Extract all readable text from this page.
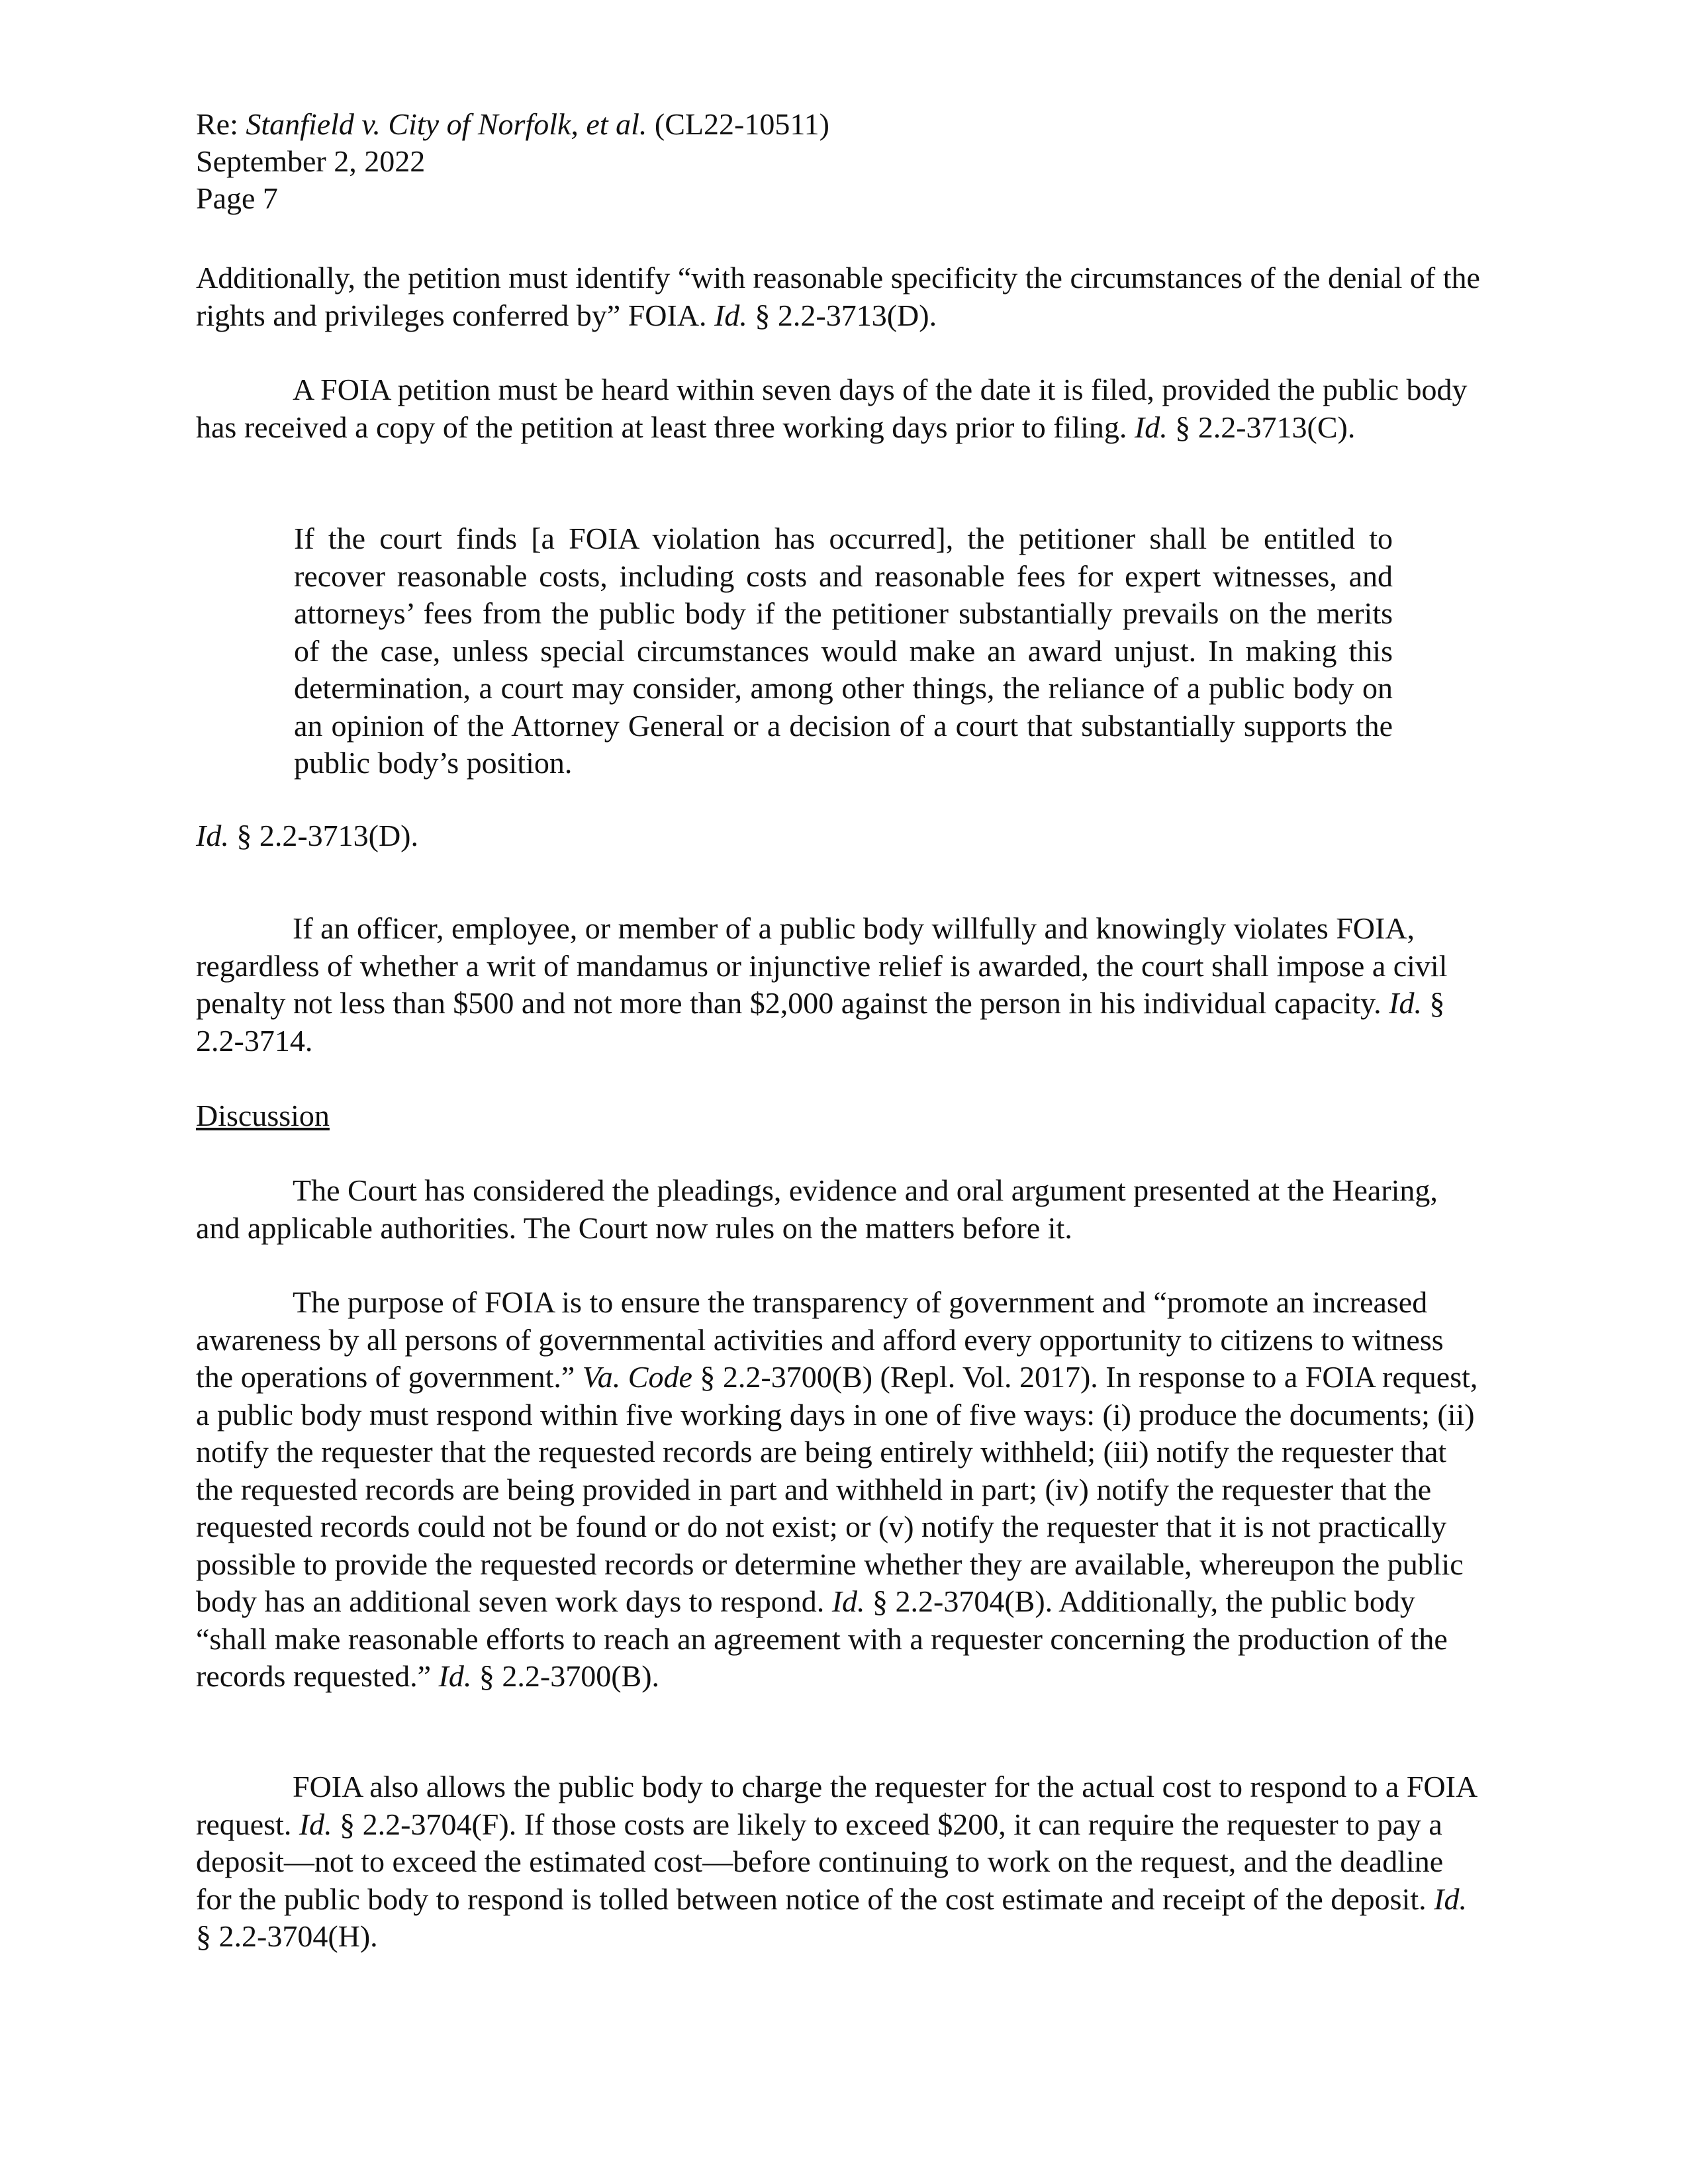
Re: Stanfield v. City of Norfolk, et al. (CL22-10511)
September 2, 2022
Page 7

Additionally, the petition must identify “with reasonable specificity the circumstances of the denial of the rights and privileges conferred by” FOIA. Id. § 2.2-3713(D).

A FOIA petition must be heard within seven days of the date it is filed, provided the public body has received a copy of the petition at least three working days prior to filing. Id. § 2.2-3713(C).

If the court finds [a FOIA violation has occurred], the petitioner shall be entitled to recover reasonable costs, including costs and reasonable fees for expert witnesses, and attorneys’ fees from the public body if the petitioner substantially prevails on the merits of the case, unless special circumstances would make an award unjust. In making this determination, a court may consider, among other things, the reliance of a public body on an opinion of the Attorney General or a decision of a court that substantially supports the public body’s position.

Id. § 2.2-3713(D).

If an officer, employee, or member of a public body willfully and knowingly violates FOIA, regardless of whether a writ of mandamus or injunctive relief is awarded, the court shall impose a civil penalty not less than $500 and not more than $2,000 against the person in his individual capacity. Id. § 2.2-3714.

Discussion

The Court has considered the pleadings, evidence and oral argument presented at the Hearing, and applicable authorities. The Court now rules on the matters before it.

The purpose of FOIA is to ensure the transparency of government and “promote an increased awareness by all persons of governmental activities and afford every opportunity to citizens to witness the operations of government.” Va. Code § 2.2-3700(B) (Repl. Vol. 2017). In response to a FOIA request, a public body must respond within five working days in one of five ways: (i) produce the documents; (ii) notify the requester that the requested records are being entirely withheld; (iii) notify the requester that the requested records are being provided in part and withheld in part; (iv) notify the requester that the requested records could not be found or do not exist; or (v) notify the requester that it is not practically possible to provide the requested records or determine whether they are available, whereupon the public body has an additional seven work days to respond. Id. § 2.2-3704(B). Additionally, the public body “shall make reasonable efforts to reach an agreement with a requester concerning the production of the records requested.” Id. § 2.2-3700(B).

FOIA also allows the public body to charge the requester for the actual cost to respond to a FOIA request. Id. § 2.2-3704(F). If those costs are likely to exceed $200, it can require the requester to pay a deposit—not to exceed the estimated cost—before continuing to work on the request, and the deadline for the public body to respond is tolled between notice of the cost estimate and receipt of the deposit. Id. § 2.2-3704(H).
